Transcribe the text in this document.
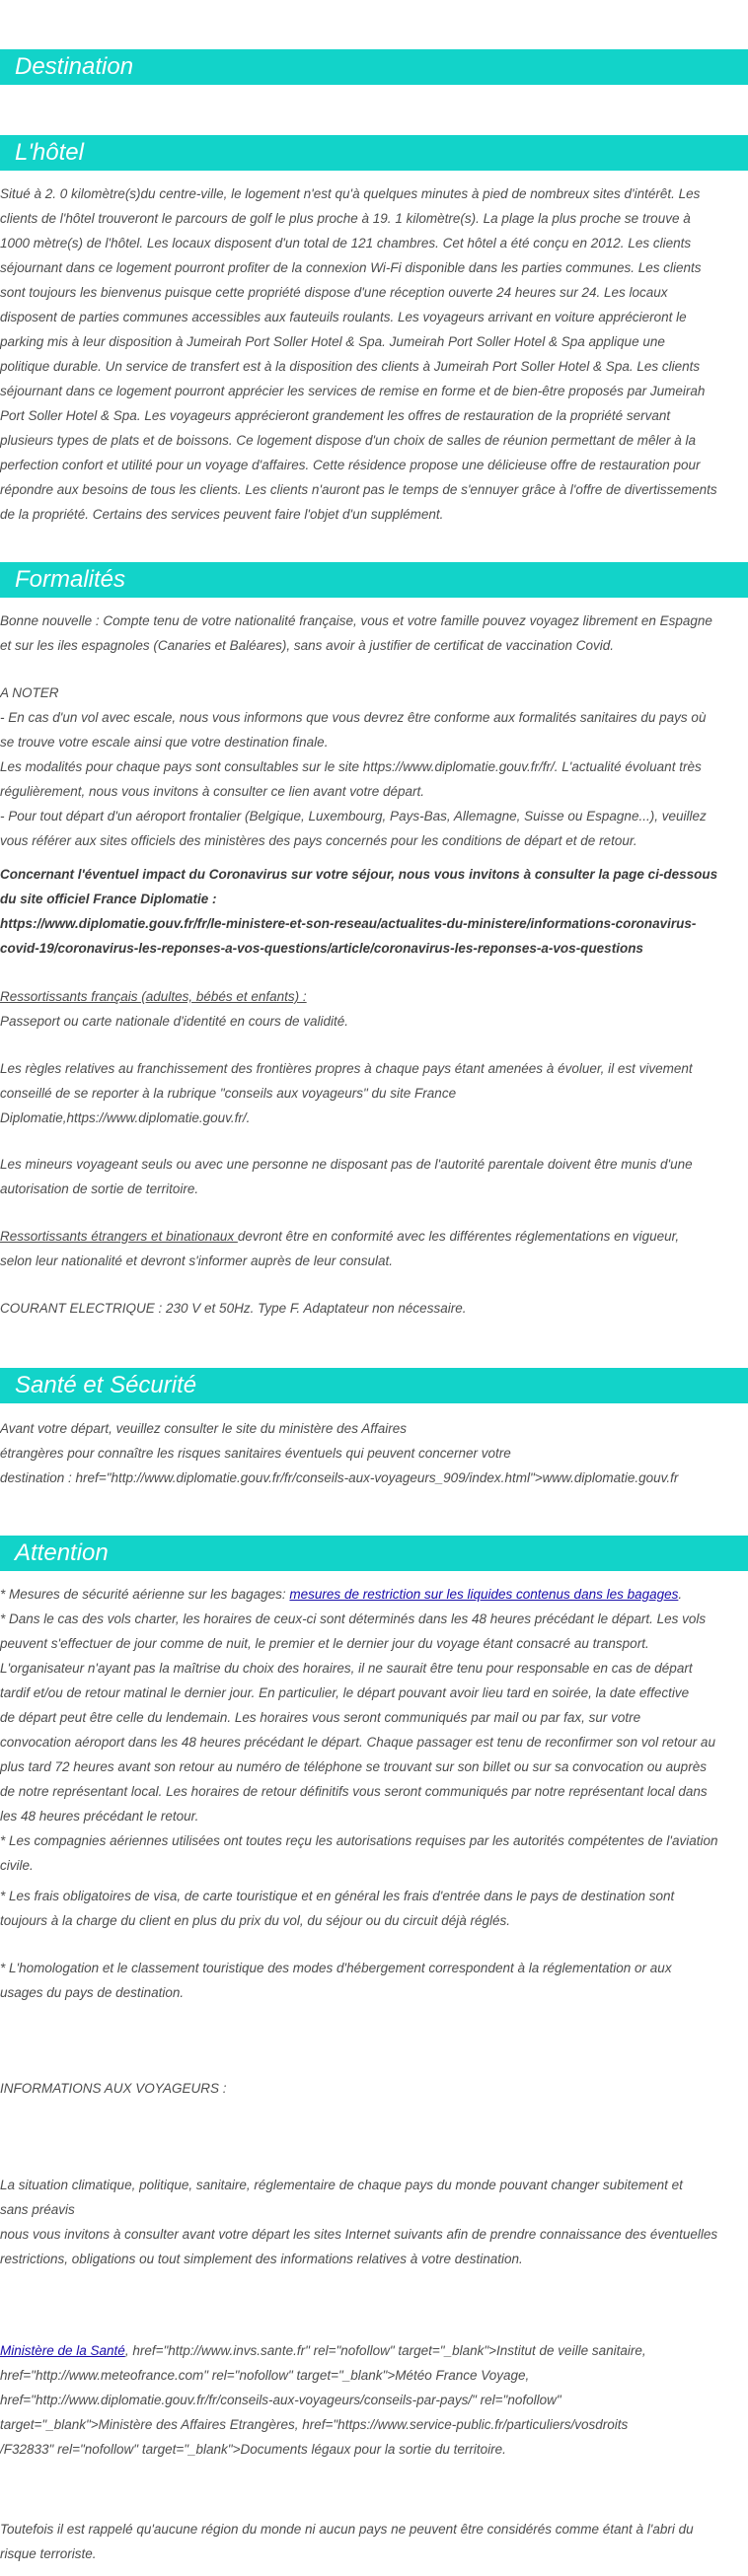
Destination
L'hôtel
Situé à 2. 0 kilomètre(s)du centre-ville, le logement n'est qu'à quelques minutes à pied de nombreux sites d'intérêt. Les
clients de l'hôtel trouveront le parcours de golf le plus proche à 19. 1 kilomètre(s). La plage la plus proche se trouve à
1000 mètre(s) de l'hôtel. Les locaux disposent d'un total de 121 chambres. Cet hôtel a été conçu en 2012. Les clients
séjournant dans ce logement pourront profiter de la connexion Wi-Fi disponible dans les parties communes. Les clients
sont toujours les bienvenus puisque cette propriété dispose d'une réception ouverte 24 heures sur 24. Les locaux
disposent de parties communes accessibles aux fauteuils roulants. Les voyageurs arrivant en voiture apprécieront le
parking mis à leur disposition à Jumeirah Port Soller Hotel & Spa. Jumeirah Port Soller Hotel & Spa applique une
politique durable. Un service de transfert est à la disposition des clients à Jumeirah Port Soller Hotel & Spa. Les clients
séjournant dans ce logement pourront apprécier les services de remise en forme et de bien-être proposés par Jumeirah
Port Soller Hotel & Spa. Les voyageurs apprécieront grandement les offres de restauration de la propriété servant
plusieurs types de plats et de boissons. Ce logement dispose d'un choix de salles de réunion permettant de mêler à la
perfection confort et utilité pour un voyage d'affaires. Cette résidence propose une délicieuse offre de restauration pour
répondre aux besoins de tous les clients. Les clients n'auront pas le temps de s'ennuyer grâce à l'offre de divertissements
de la propriété. Certains des services peuvent faire l'objet d'un supplément.
Formalités
Bonne nouvelle : Compte tenu de votre nationalité française, vous et votre famille pouvez voyagez librement en Espagne
et sur les iles espagnoles (Canaries et Baléares), sans avoir à justifier de certificat de vaccination Covid.
A NOTER
- En cas d'un vol avec escale, nous vous informons que vous devrez être conforme aux formalités sanitaires du pays où
se trouve votre escale ainsi que votre destination finale.
Les modalités pour chaque pays sont consultables sur le site https://www.diplomatie.gouv.fr/fr/. L'actualité évoluant très
régulièrement, nous vous invitons à consulter ce lien avant votre départ.
- Pour tout départ d'un aéroport frontalier (Belgique, Luxembourg, Pays-Bas, Allemagne, Suisse ou Espagne...), veuillez
vous référer aux sites officiels des ministères des pays concernés pour les conditions de départ et de retour.
Concernant l'éventuel impact du Coronavirus sur votre séjour, nous vous invitons à consulter la page ci-dessous
du site officiel France Diplomatie :
https://www.diplomatie.gouv.fr/fr/le-ministere-et-son-reseau/actualites-du-ministere/informations-coronavirus-
covid-19/coronavirus-les-reponses-a-vos-questions/article/coronavirus-les-reponses-a-vos-questions
Ressortissants français (adultes, bébés et enfants) :
Passeport ou carte nationale d'identité en cours de validité.
Les règles relatives au franchissement des frontières propres à chaque pays étant amenées à évoluer, il est vivement
conseillé de se reporter à la rubrique "conseils aux voyageurs" du site France
Diplomatie,https://www.diplomatie.gouv.fr/.
Les mineurs voyageant seuls ou avec une personne ne disposant pas de l'autorité parentale doivent être munis d'une
autorisation de sortie de territoire.
Ressortissants étrangers et binationaux devront être en conformité avec les différentes réglementations en vigueur,
selon leur nationalité et devront s'informer auprès de leur consulat.
COURANT ELECTRIQUE : 230 V et 50Hz. Type F. Adaptateur non nécessaire.
Santé et Sécurité
Avant votre départ, veuillez consulter le site du ministère des Affaires
étrangères pour connaître les risques sanitaires éventuels qui peuvent concerner votre
destination : href="http://www.diplomatie.gouv.fr/fr/conseils-aux-voyageurs_909/index.html">www.diplomatie.gouv.fr
Attention
* Mesures de sécurité aérienne sur les bagages: mesures de restriction sur les liquides contenus dans les bagages.
* Dans le cas des vols charter, les horaires de ceux-ci sont déterminés dans les 48 heures précédant le départ. Les vols
peuvent s'effectuer de jour comme de nuit, le premier et le dernier jour du voyage étant consacré au transport.
L'organisateur n'ayant pas la maîtrise du choix des horaires, il ne saurait être tenu pour responsable en cas de départ
tardif et/ou de retour matinal le dernier jour. En particulier, le départ pouvant avoir lieu tard en soirée, la date effective
de départ peut être celle du lendemain. Les horaires vous seront communiqués par mail ou par fax, sur votre
convocation aéroport dans les 48 heures précédant le départ. Chaque passager est tenu de reconfirmer son vol retour au
plus tard 72 heures avant son retour au numéro de téléphone se trouvant sur son billet ou sur sa convocation ou auprès
de notre représentant local. Les horaires de retour définitifs vous seront communiqués par notre représentant local dans
les 48 heures précédant le retour.
* Les compagnies aériennes utilisées ont toutes reçu les autorisations requises par les autorités compétentes de l'aviation
civile.
* Les frais obligatoires de visa, de carte touristique et en général les frais d'entrée dans le pays de destination sont
toujours à la charge du client en plus du prix du vol, du séjour ou du circuit déjà réglés.
* L'homologation et le classement touristique des modes d'hébergement correspondent à la réglementation or aux
usages du pays de destination.
INFORMATIONS AUX VOYAGEURS :
La situation climatique, politique, sanitaire, réglementaire de chaque pays du monde pouvant changer subitement et
sans préavis
nous vous invitons à consulter avant votre départ les sites Internet suivants afin de prendre connaissance des éventuelles
restrictions, obligations ou tout simplement des informations relatives à votre destination.
Ministère de la Santé, href="http://www.invs.sante.fr" rel="nofollow" target="_blank">Institut de veille sanitaire,
href="http://www.meteofrance.com" rel="nofollow" target="_blank">Météo France Voyage,
href="http://www.diplomatie.gouv.fr/fr/conseils-aux-voyageurs/conseils-par-pays/" rel="nofollow"
target="_blank">Ministère des Affaires Etrangères, href="https://www.service-public.fr/particuliers/vosdroits
/F32833" rel="nofollow" target="_blank">Documents légaux pour la sortie du territoire.
Toutefois il est rappelé qu'aucune région du monde ni aucun pays ne peuvent être considérés comme étant à l'abri du
risque terroriste.
